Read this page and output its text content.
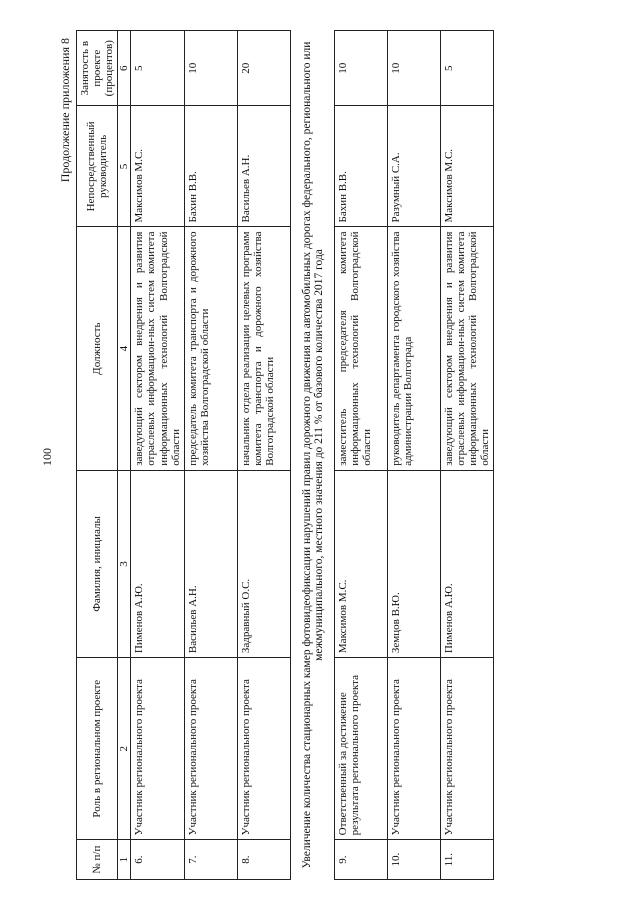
100
Продолжение приложения 8
№ п/п	Роль в региональном проекте	Фамилия, инициалы	Должность	Непосредственный руководитель	Занятость в проекте (процентов)
1	2	3	4	5	6
6.	Участник регионального проекта	Пименов А.Ю.	заведующий сектором внедрения и развития отраслевых информацион-ных систем комитета информационных технологий Волгоградской области	Максимов М.С.	5
7.	Участник регионального проекта	Васильев А.Н.	председатель комитета транспорта и дорожного хозяйства Волгоградской области	Бахин В.В.	10
8.	Участник регионального проекта	Задравный О.С.	начальник отдела реализации целевых программ комитета транспорта и дорожного хозяйства Волгоградской области	Васильев А.Н.	20
Увеличение количества стационарных камер фотовидеофиксации нарушений правил дорожного движения на автомобильных дорогах федерального, регионального или межмуниципального, местного значения до 211 % от базового количества 2017 года					
9.	Ответственный за достижение результата регионального проекта	Максимов М.С.	заместитель председателя комитета информационных технологий Волгоградской области	Бахин В.В.	10
10.	Участник регионального проекта	Земцов В.Ю.	руководитель департамента городского хозяйства администрации Волгограда	Разумный С.А.	10
11.	Участник регионального проекта	Пименов А.Ю.	заведующий сектором внедрения и развития отраслевых информацион-ных систем комитета информационных технологий Волгоградской области	Максимов М.С.	5
